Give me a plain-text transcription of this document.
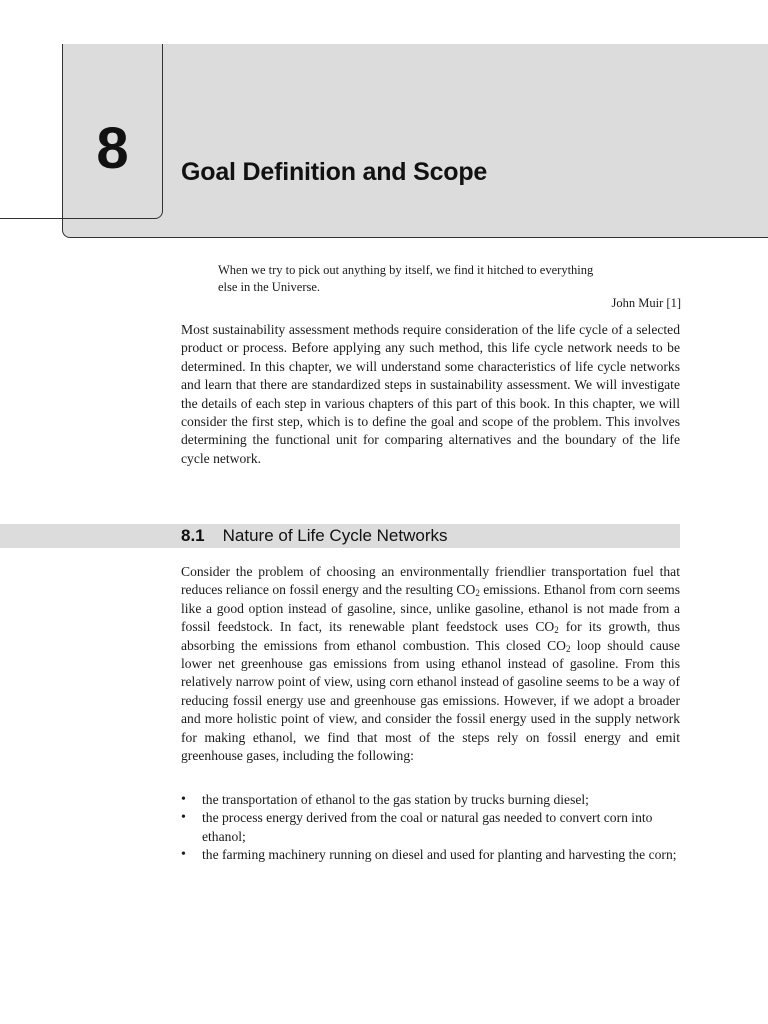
8	Goal Definition and Scope
When we try to pick out anything by itself, we find it hitched to everything else in the Universe.
John Muir [1]
Most sustainability assessment methods require consideration of the life cycle of a selected product or process. Before applying any such method, this life cycle network needs to be determined. In this chapter, we will understand some characteristics of life cycle networks and learn that there are standardized steps in sustainability assessment. We will investigate the details of each step in various chapters of this part of this book. In this chapter, we will consider the first step, which is to define the goal and scope of the problem. This involves determining the functional unit for comparing alternatives and the boundary of the life cycle network.
8.1 Nature of Life Cycle Networks
Consider the problem of choosing an environmentally friendlier transportation fuel that reduces reliance on fossil energy and the resulting $CO_2$ emissions. Ethanol from corn seems like a good option instead of gasoline, since, unlike gasoline, ethanol is not made from a fossil feedstock. In fact, its renewable plant feedstock uses $CO_2$ for its growth, thus absorbing the emissions from ethanol combustion. This closed $CO_2$ loop should cause lower net greenhouse gas emissions from using ethanol instead of gasoline. From this relatively narrow point of view, using corn ethanol instead of gasoline seems to be a way of reducing fossil energy use and greenhouse gas emissions. However, if we adopt a broader and more holistic point of view, and consider the fossil energy used in the supply network for making ethanol, we find that most of the steps rely on fossil energy and emit greenhouse gases, including the following:
• the transportation of ethanol to the gas station by trucks burning diesel;
• the process energy derived from the coal or natural gas needed to convert corn into ethanol;
• the farming machinery running on diesel and used for planting and harvesting the corn;
